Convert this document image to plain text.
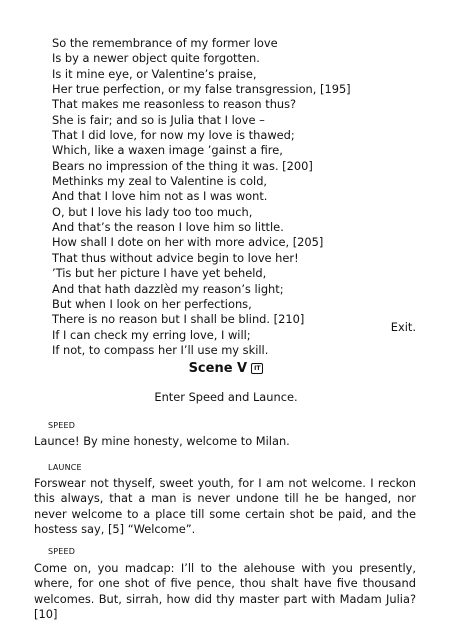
So the remembrance of my former love
Is by a newer object quite forgotten.
Is it mine eye, or Valentine’s praise,
Her true perfection, or my false transgression, [195]
That makes me reasonless to reason thus?
She is fair; and so is Julia that I love –
That I did love, for now my love is thawed;
Which, like a waxen image ’gainst a fire,
Bears no impression of the thing it was. [200]
Methinks my zeal to Valentine is cold,
And that I love him not as I was wont.
O, but I love his lady too too much,
And that’s the reason I love him so little.
How shall I dote on her with more advice, [205]
That thus without advice begin to love her!
’Tis but her picture I have yet beheld,
And that hath dazzlèd my reason’s light;
But when I look on her perfections,
There is no reason but I shall be blind. [210]
If I can check my erring love, I will;
If not, to compass her I’ll use my skill.
Exit.
Scene V IT
Enter Speed and Launce.
SPEED
Launce! By mine honesty, welcome to Milan.
LAUNCE
Forswear not thyself, sweet youth, for I am not welcome. I reckon this always, that a man is never undone till he be hanged, nor never welcome to a place till some certain shot be paid, and the hostess say, [5] “Welcome”.
SPEED
Come on, you madcap: I’ll to the alehouse with you presently, where, for one shot of five pence, thou shalt have five thousand welcomes. But, sirrah, how did thy master part with Madam Julia? [10]
